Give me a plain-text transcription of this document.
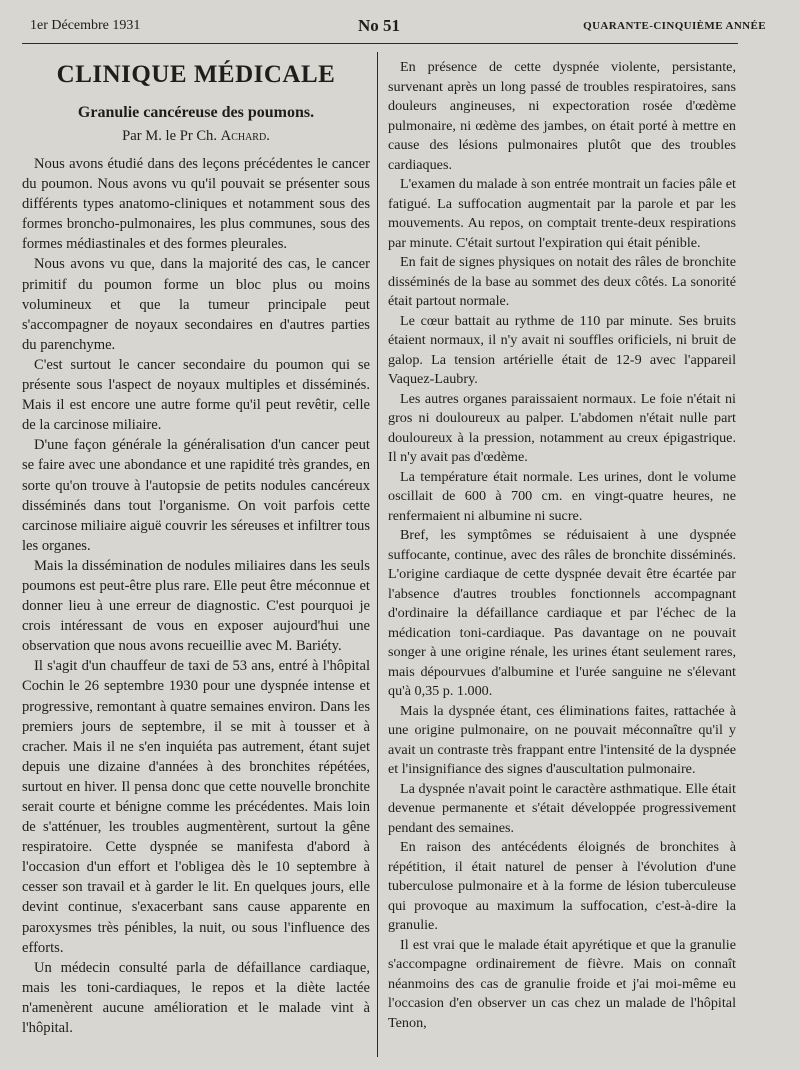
1er Décembre 1931	No 51	QUARANTE-CINQUIÈME ANNÉE
CLINIQUE MÉDICALE
Granulie cancéreuse des poumons.
Par M. le Pr Ch. Achard.

Nous avons étudié dans des leçons précédentes le cancer du poumon. Nous avons vu qu'il pouvait se présenter sous différents types anatomo-cliniques et notamment sous des formes broncho-pulmonaires, les plus communes, sous des formes médiastinales et des formes pleurales.

Nous avons vu que, dans la majorité des cas, le cancer primitif du poumon forme un bloc plus ou moins volumineux et que la tumeur principale peut s'accompagner de noyaux secondaires en d'autres parties du parenchyme.

C'est surtout le cancer secondaire du poumon qui se présente sous l'aspect de noyaux multiples et disséminés. Mais il est encore une autre forme qu'il peut revêtir, celle de la carcinose miliaire.

D'une façon générale la généralisation d'un cancer peut se faire avec une abondance et une rapidité très grandes, en sorte qu'on trouve à l'autopsie de petits nodules cancéreux disséminés dans tout l'organisme. On voit parfois cette carcinose miliaire aiguë couvrir les séreuses et infiltrer tous les organes.

Mais la dissémination de nodules miliaires dans les seuls poumons est peut-être plus rare. Elle peut être méconnue et donner lieu à une erreur de diagnostic. C'est pourquoi je crois intéressant de vous en exposer aujourd'hui une observation que nous avons recueillie avec M. Bariéty.

Il s'agit d'un chauffeur de taxi de 53 ans, entré à l'hôpital Cochin le 26 septembre 1930 pour une dyspnée intense et progressive, remontant à quatre semaines environ. Dans les premiers jours de septembre, il se mit à tousser et à cracher. Mais il ne s'en inquiéta pas autrement, étant sujet depuis une dizaine d'années à des bronchites répétées, surtout en hiver. Il pensa donc que cette nouvelle bronchite serait courte et bénigne comme les précédentes. Mais loin de s'atténuer, les troubles augmentèrent, surtout la gêne respiratoire. Cette dyspnée se manifesta d'abord à l'occasion d'un effort et l'obligea dès le 10 septembre à cesser son travail et à garder le lit. En quelques jours, elle devint continue, s'exacerbant sans cause apparente en paroxysmes très pénibles, la nuit, ou sous l'influence des efforts.

Un médecin consulté parla de défaillance cardiaque, mais les toni-cardiaques, le repos et la diète lactée n'amenèrent aucune amélioration et le malade vint à l'hôpital.

En présence de cette dyspnée violente, persistante, survenant après un long passé de troubles respiratoires, sans douleurs angineuses, ni expectoration rosée d'œdème pulmonaire, ni œdème des jambes, on était porté à mettre en cause des lésions pulmonaires plutôt que des troubles cardiaques.

L'examen du malade à son entrée montrait un facies pâle et fatigué. La suffocation augmentait par la parole et par les mouvements. Au repos, on comptait trente-deux respirations par minute. C'était surtout l'expiration qui était pénible.

En fait de signes physiques on notait des râles de bronchite disséminés de la base au sommet des deux côtés. La sonorité était partout normale.

Le cœur battait au rythme de 110 par minute. Ses bruits étaient normaux, il n'y avait ni souffles orificiels, ni bruit de galop. La tension artérielle était de 12-9 avec l'appareil Vaquez-Laubry.

Les autres organes paraissaient normaux. Le foie n'était ni gros ni douloureux au palper. L'abdomen n'était nulle part douloureux à la pression, notamment au creux épigastrique. Il n'y avait pas d'œdème.

La température était normale. Les urines, dont le volume oscillait de 600 à 700 cm. en vingt-quatre heures, ne renfermaient ni albumine ni sucre.

Bref, les symptômes se réduisaient à une dyspnée suffocante, continue, avec des râles de bronchite disséminés. L'origine cardiaque de cette dyspnée devait être écartée par l'absence d'autres troubles fonctionnels accompagnant d'ordinaire la défaillance cardiaque et par l'échec de la médication toni-cardiaque. Pas davantage on ne pouvait songer à une origine rénale, les urines étant seulement rares, mais dépourvues d'albumine et l'urée sanguine ne s'élevant qu'à 0,35 p. 1.000.

Mais la dyspnée étant, ces éliminations faites, rattachée à une origine pulmonaire, on ne pouvait méconnaître qu'il y avait un contraste très frappant entre l'intensité de la dyspnée et l'insignifiance des signes d'auscultation pulmonaire.

La dyspnée n'avait point le caractère asthmatique. Elle était devenue permanente et s'était développée progressivement pendant des semaines.

En raison des antécédents éloignés de bronchites à répétition, il était naturel de penser à l'évolution d'une tuberculose pulmonaire et à la forme de lésion tuberculeuse qui provoque au maximum la suffocation, c'est-à-dire la granulie.

Il est vrai que le malade était apyrétique et que la granulie s'accompagne ordinairement de fièvre. Mais on connaît néanmoins des cas de granulie froide et j'ai moi-même eu l'occasion d'en observer un cas chez un malade de l'hôpital Tenon,
